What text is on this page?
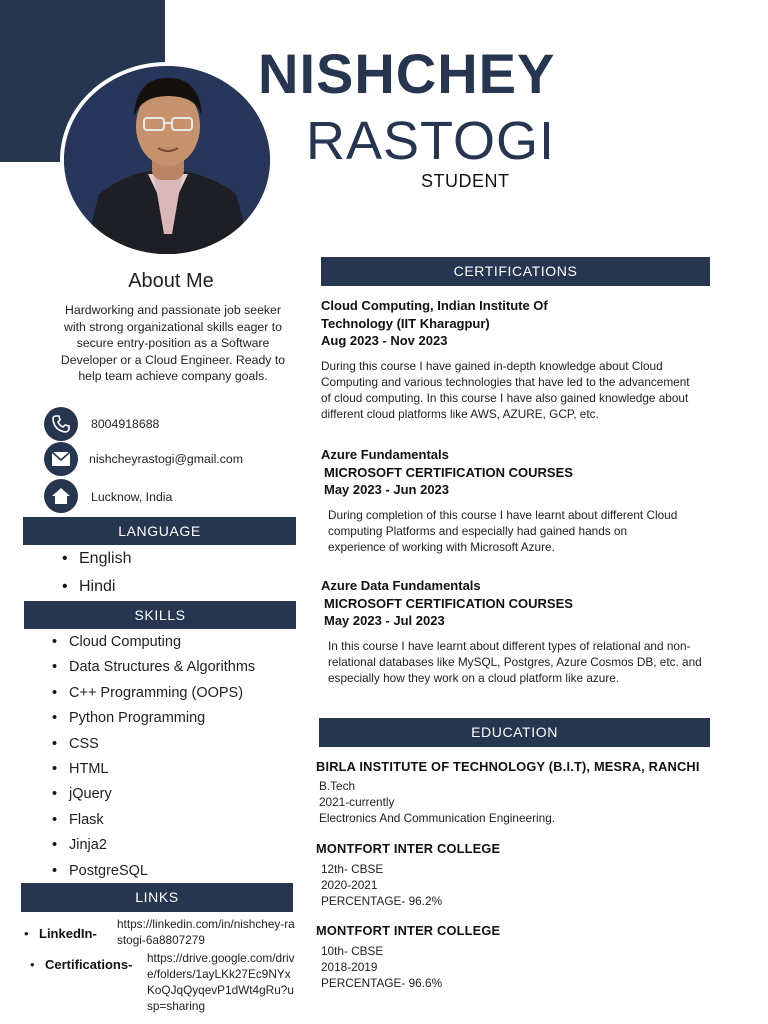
NISHCHEY
RASTOGI
STUDENT
About Me
Hardworking and passionate job seeker with strong organizational skills eager to secure entry-position as a Software Developer or a Cloud Engineer. Ready to help team achieve company goals.
8004918688
nishcheyrastogi@gmail.com
Lucknow, India
LANGUAGE
• English
• Hindi
SKILLS
• Cloud Computing
• Data Structures & Algorithms
• C++ Programming (OOPS)
• Python Programming
• CSS
• HTML
• jQuery
• Flask
• Jinja2
• PostgreSQL
LINKS
• LinkedIn-
https://linkedin.com/in/nishchey-rastogi-6a8807279
• Certifications- https://drive.google.com/drive/folders/1ayLKk27Ec9NYxKoQJqQyqevP1dWt4gRu?usp=sharing
CERTIFICATIONS
Cloud Computing, Indian Institute Of
Technology (IIT Kharagpur)
Aug 2023 - Nov 2023
During this course I have gained in-depth knowledge about Cloud Computing and various technologies that have led to the advancement of cloud computing. In this course I have also gained knowledge about different cloud platforms like AWS, AZURE, GCP, etc.
Azure Fundamentals
MICROSOFT CERTIFICATION COURSES
May 2023 - Jun 2023
During completion of this course I have learnt about different Cloud computing Platforms and especially had gained hands on experience of working with Microsoft Azure.
Azure Data Fundamentals
MICROSOFT CERTIFICATION COURSES
May 2023 - Jul 2023
In this course I have learnt about different types of relational and non-relational databases like MySQL, Postgres, Azure Cosmos DB, etc. and especially how they work on a cloud platform like azure.
EDUCATION
BIRLA INSTITUTE OF TECHNOLOGY (B.I.T), MESRA, RANCHI
B.Tech
2021-currently
Electronics And Communication Engineering.
MONTFORT INTER COLLEGE
12th- CBSE
2020-2021
PERCENTAGE- 96.2%
MONTFORT INTER COLLEGE
10th- CBSE
2018-2019
PERCENTAGE- 96.6%
